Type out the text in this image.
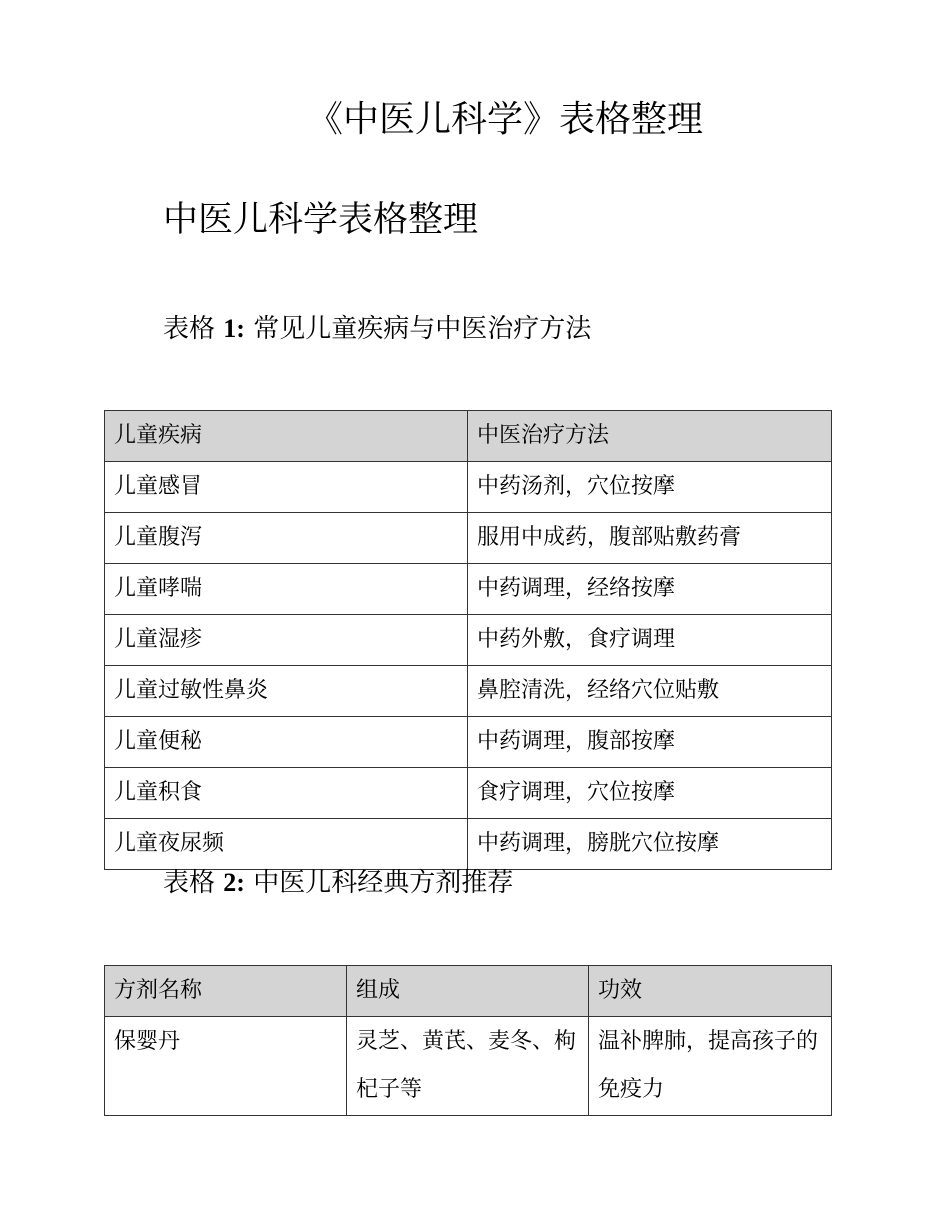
《中医儿科学》表格整理
中医儿科学表格整理
表格 1: 常见儿童疾病与中医治疗方法
儿童疾病	中医治疗方法
儿童感冒	中药汤剂，穴位按摩
儿童腹泻	服用中成药，腹部贴敷药膏
儿童哮喘	中药调理，经络按摩
儿童湿疹	中药外敷，食疗调理
儿童过敏性鼻炎	鼻腔清洗，经络穴位贴敷
儿童便秘	中药调理，腹部按摩
儿童积食	食疗调理，穴位按摩
儿童夜尿频	中药调理，膀胱穴位按摩
表格 2: 中医儿科经典方剂推荐
方剂名称	组成	功效
保婴丹	灵芝、黄芪、麦冬、枸杞子等	温补脾肺，提高孩子的免疫力
